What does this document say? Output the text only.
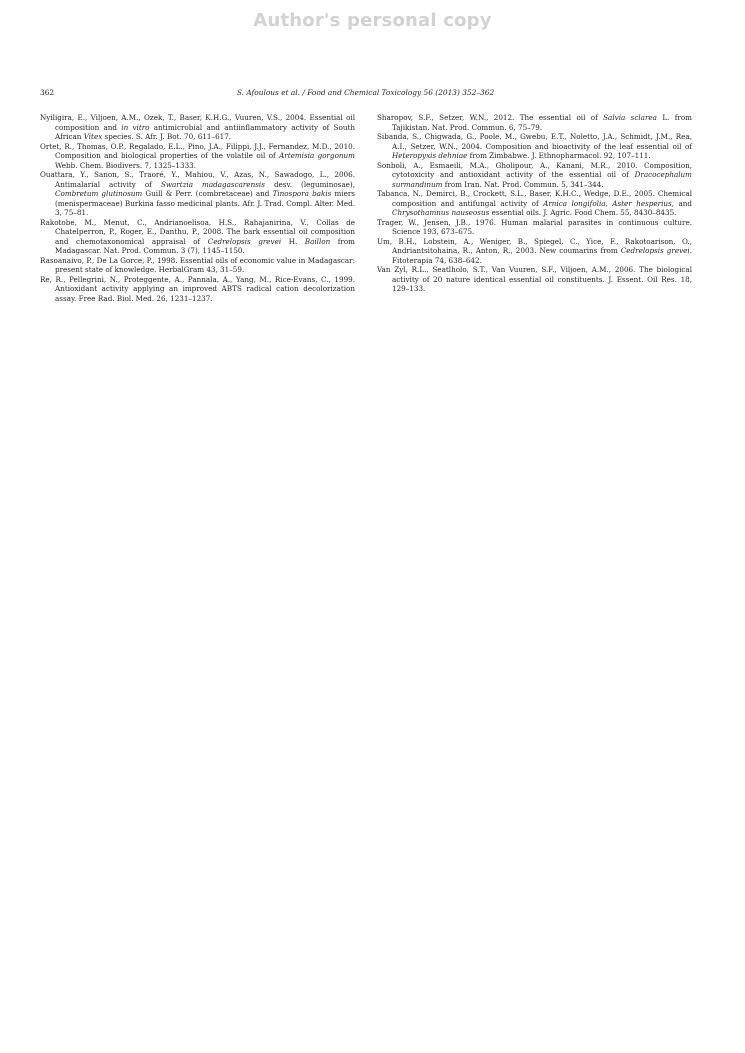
Author's personal copy
362	S. Afoulous et al. / Food and Chemical Toxicology 56 (2013) 352–362

Nyiligira, E., Viljoen, A.M., Ozek, T., Baser, K.H.G., Vuuren, V.S., 2004. Essential oil composition and in vitro antimicrobial and antiinflammatory activity of South African Vitex species. S. Afr. J. Bot. 70, 611–617.

Ortet, R., Thomas, O.P., Regalado, E.L., Pino, J.A., Filippi, J.J., Fernandez, M.D., 2010. Composition and biological properties of the volatile oil of Artemisia gorgonum Webb. Chem. Biodivers. 7, 1325–1333.

Ouattara, Y., Sanon, S., Traoré, Y., Mahiou, V., Azas, N., Sawadogo, L., 2006. Antimalarial activity of Swartzia madagascarensis desv. (leguminosae), Combretum glutinosum Guill & Perr. (combretaceae) and Tinospora bakis miers (menispermaceae) Burkina fasso medicinal plants. Afr. J. Trad. Compl. Alter. Med. 3, 75–81.

Rakotobe, M., Menut, C., Andrianoelisoa, H.S., Rahajanirina, V., Collas de Chatelperron, P., Roger, E., Danthu, P., 2008. The bark essential oil composition and chemotaxonomical appraisal of Cedrelopsis grevei H. Baillon from Madagascar. Nat. Prod. Commun. 3 (7), 1145–1150.

Rasoanaivo, P., De La Gorce, P., 1998. Essential oils of economic value in Madagascar: present state of knowledge. HerbalGram 43, 31–59.

Re, R., Pellegrini, N., Proteggente, A., Pannala, A., Yang, M., Rice-Evans, C., 1999. Antioxidant activity applying an improved ABTS radical cation decolorization assay. Free Rad. Biol. Med. 26, 1231–1237.

Sharopov, S.F., Setzer, W.N., 2012. The essential oil of Salvia sclarea L. from Tajikistan. Nat. Prod. Commun. 6, 75–79.

Sibanda, S., Chigwada, G., Poole, M., Gwebu, E.T., Noletto, J.A., Schmidt, J.M., Rea, A.I., Setzer, W.N., 2004. Composition and bioactivity of the leaf essential oil of Heteropyxis dehniae from Zimbabwe. J. Ethnopharmacol. 92, 107–111.

Sonboli, A., Esmaeili, M.A., Gholipour, A., Kanani, M.R., 2010. Composition, cytotoxicity and antioxidant activity of the essential oil of Dracocephalum surmandinum from Iran. Nat. Prod. Commun. 5, 341–344.

Tabanca, N., Demirci, B., Crockett, S.L., Baser, K.H.C., Wedge, D.E., 2005. Chemical composition and antifungal activity of Arnica longifolia, Aster hesperius, and Chrysothamnus nauseosus essential oils. J. Agric. Food Chem. 55, 8430–8435.

Trager, W., Jensen, J.B., 1976. Human malarial parasites in continuous culture. Science 193, 673–675.

Um, B.H., Lobstein, A., Weniger, B., Spiegel, C., Yice, F., Rakotoarison, O., Andriantsitohaina, R., Anton, R., 2003. New coumarins from Cedrelopsis grevei. Fitoterapia 74, 638–642.

Van Zyl, R.L., Seatlholo, S.T., Van Vuuren, S.F., Viljoen, A.M., 2006. The biological activity of 20 nature identical essential oil constituents. J. Essent. Oil Res. 18, 129–133.
